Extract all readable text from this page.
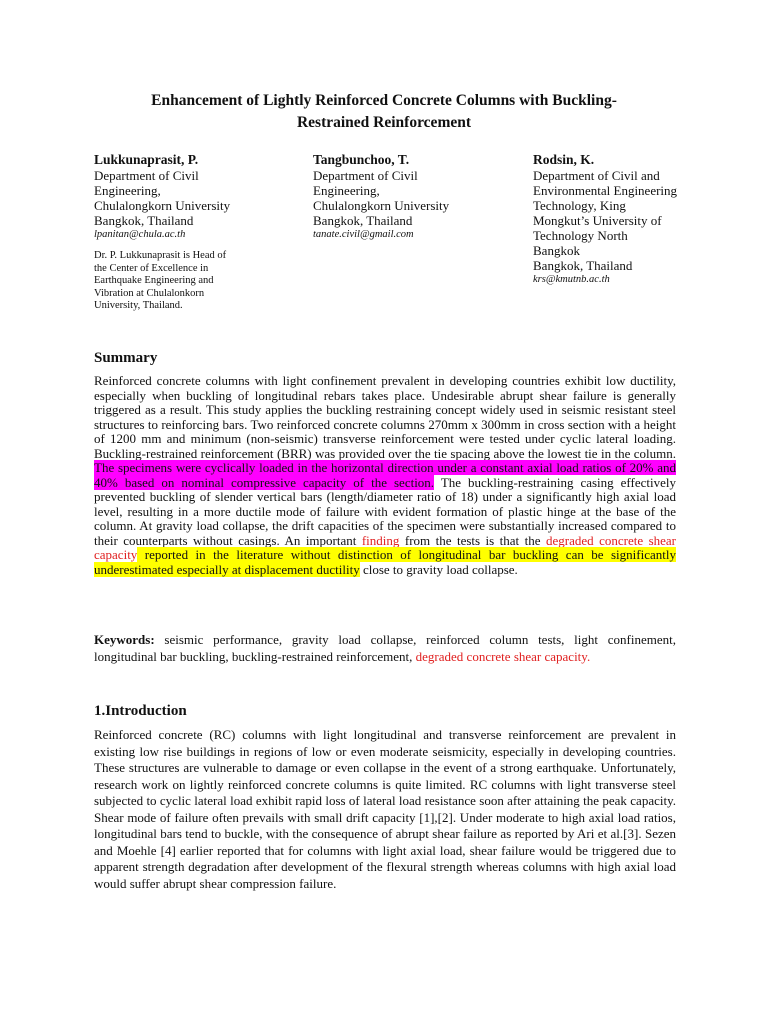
Enhancement of Lightly Reinforced Concrete Columns with Buckling-
Restrained Reinforcement
Lukkunaprasit, P.
Department of Civil
Engineering,
Chulalongkorn University
Bangkok, Thailand
lpanitan@chula.ac.th
Dr. P. Lukkunaprasit is Head of
the Center of Excellence in
Earthquake Engineering and
Vibration at Chulalonkorn
University, Thailand.
Tangbunchoo, T.
Department of Civil
Engineering,
Chulalongkorn University
Bangkok, Thailand
tanate.civil@gmail.com
Rodsin, K.
Department of Civil and
Environmental Engineering
Technology, King
Mongkut’s University of
Technology North
Bangkok
Bangkok, Thailand
krs@kmutnb.ac.th
Summary

Reinforced concrete columns with light confinement prevalent in developing countries exhibit low ductility, especially when buckling of longitudinal rebars takes place. Undesirable abrupt shear failure is generally triggered as a result. This study applies the buckling restraining concept widely used in seismic resistant steel structures to reinforcing bars. Two reinforced concrete columns 270mm x 300mm in cross section with a height of 1200 mm and minimum (non-seismic) transverse reinforcement were tested under cyclic lateral loading. Buckling-restrained reinforcement (BRR) was provided over the tie spacing above the lowest tie in the column. The specimens were cyclically loaded in the horizontal direction under a constant axial load ratios of 20% and 40% based on nominal compressive capacity of the section. The buckling-restraining casing effectively prevented buckling of slender vertical bars (length/diameter ratio of 18) under a significantly high axial load level, resulting in a more ductile mode of failure with evident formation of plastic hinge at the base of the column. At gravity load collapse, the drift capacities of the specimen were substantially increased compared to their counterparts without casings. An important finding from the tests is that the degraded concrete shear capacity reported in the literature without distinction of longitudinal bar buckling can be significantly underestimated especially at displacement ductility close to gravity load collapse.

Keywords: seismic performance, gravity load collapse, reinforced column tests, light confinement, longitudinal bar buckling, buckling-restrained reinforcement, degraded concrete shear capacity.

1.Introduction

Reinforced concrete (RC) columns with light longitudinal and transverse reinforcement are prevalent in existing low rise buildings in regions of low or even moderate seismicity, especially in developing countries. These structures are vulnerable to damage or even collapse in the event of a strong earthquake. Unfortunately, research work on lightly reinforced concrete columns is quite limited. RC columns with light transverse steel subjected to cyclic lateral load exhibit rapid loss of lateral load resistance soon after attaining the peak capacity. Shear mode of failure often prevails with small drift capacity [1],[2]. Under moderate to high axial load ratios, longitudinal bars tend to buckle, with the consequence of abrupt shear failure as reported by Ari et al.[3]. Sezen and Moehle [4] earlier reported that for columns with light axial load, shear failure would be triggered due to apparent strength degradation after development of the flexural strength whereas columns with high axial load would suffer abrupt shear compression failure.
